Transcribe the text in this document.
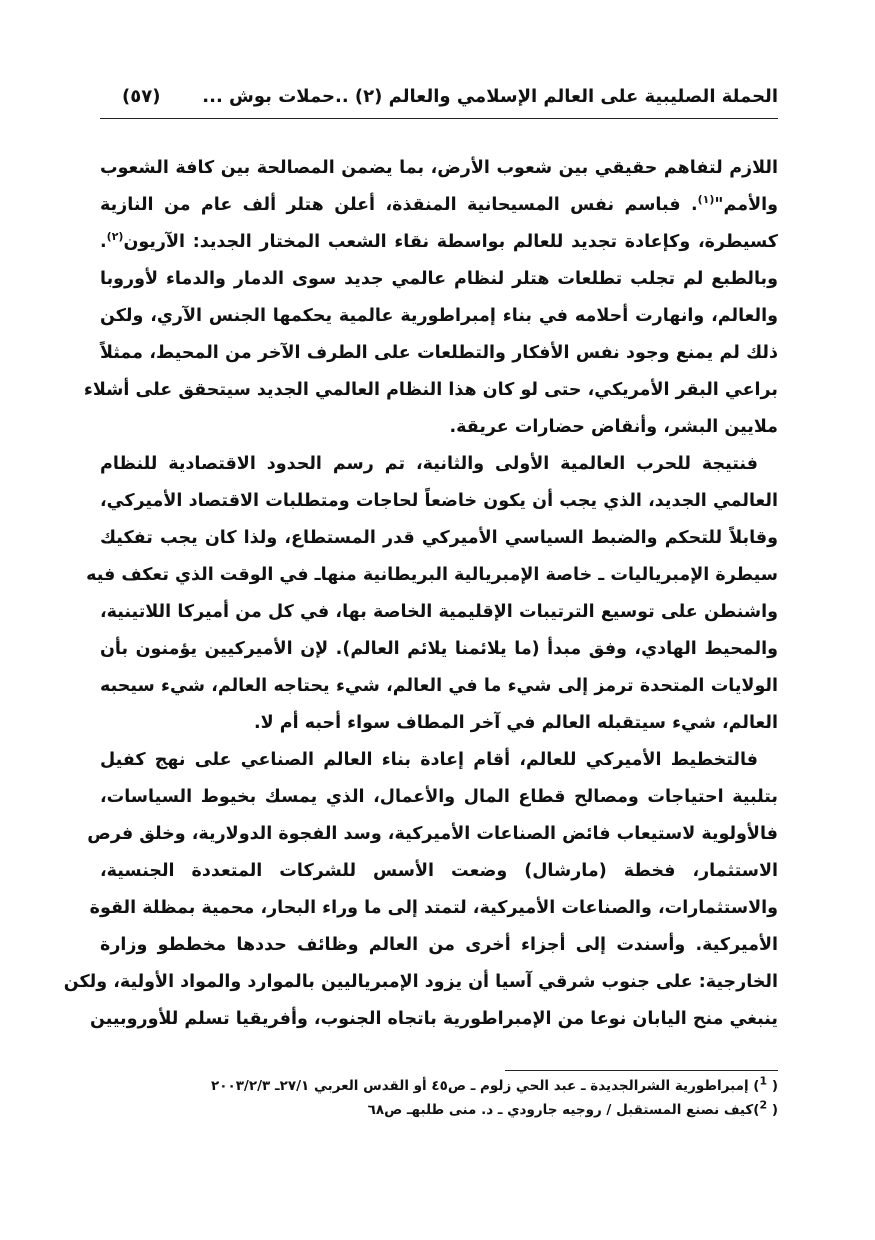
الحملة الصليبية على العالم الإسلامي والعالم (٢) ..حملات بوش ...
(٥٧)
اللازم لتفاهم حقيقي بين شعوب الأرض، بما يضمن المصالحة بين كافة الشعوب
والأمم"$^{(١)}$. فباسم نفس المسيحانية المنقذة، أعلن هتلر ألف عام من النازية
كسيطرة، وكإعادة تجديد للعالم بواسطة نقاء الشعب المختار الجديد: الآريون$^{(٢)}$.
وبالطبع لم تجلب تطلعات هتلر لنظام عالمي جديد سوى الدمار والدماء لأوروبا
والعالم، وانهارت أحلامه في بناء إمبراطورية عالمية يحكمها الجنس الآري، ولكن
ذلك لم يمنع وجود نفس الأفكار والتطلعات على الطرف الآخر من المحيط، ممثلاً
براعي البقر الأمريكي، حتى لو كان هذا النظام العالمي الجديد سيتحقق على أشلاء
ملايين البشر، وأنقاض حضارات عريقة.
فنتيجة للحرب العالمية الأولى والثانية، تم رسم الحدود الاقتصادية للنظام
العالمي الجديد، الذي يجب أن يكون خاضعاً لحاجات ومتطلبات الاقتصاد الأميركي،
وقابلاً للتحكم والضبط السياسي الأميركي قدر المستطاع، ولذا كان يجب تفكيك
سيطرة الإمبرياليات ـ خاصة الإمبريالية البريطانية منهاـ في الوقت الذي تعكف فيه
واشنطن على توسيع الترتيبات الإقليمية الخاصة بها، في كل من أميركا اللاتينية،
والمحيط الهادي، وفق مبدأ (ما يلائمنا يلائم العالم). لإن الأميركيين يؤمنون بأن
الولايات المتحدة ترمز إلى شيء ما في العالم، شيء يحتاجه العالم، شيء سيحبه
العالم، شيء سيتقبله العالم في آخر المطاف سواء أحبه أم لا.
فالتخطيط الأميركي للعالم، أقام إعادة بناء العالم الصناعي على نهج كفيل
بتلبية احتياجات ومصالح قطاع المال والأعمال، الذي يمسك بخيوط السياسات،
فالأولوية لاستيعاب فائض الصناعات الأميركية، وسد الفجوة الدولارية، وخلق فرص
الاستثمار، فخطة (مارشال) وضعت الأسس للشركات المتعددة الجنسية،
والاستثمارات، والصناعات الأميركية، لتمتد إلى ما وراء البحار، محمية بمظلة القوة
الأميركية. وأسندت إلى أجزاء أخرى من العالم وظائف حددها مخططو وزارة
الخارجية: على جنوب شرقي آسيا أن يزود الإمبرياليين بالموارد والمواد الأولية، ولكن
ينبغي منح اليابان نوعا من الإمبراطورية باتجاه الجنوب، وأفريقيا تسلم للأوروبيين
( $^1$) إمبراطورية الشرالجديدة ـ عبد الحي زلوم ـ ص٤٥ أو القدس العربي ٢٧/١ـ ٢٠٠٣/٢/٣
( $^2$)كيف نصنع المستقبل / روجيه جارودي ـ د. منى طلبهـ ص٦٨
